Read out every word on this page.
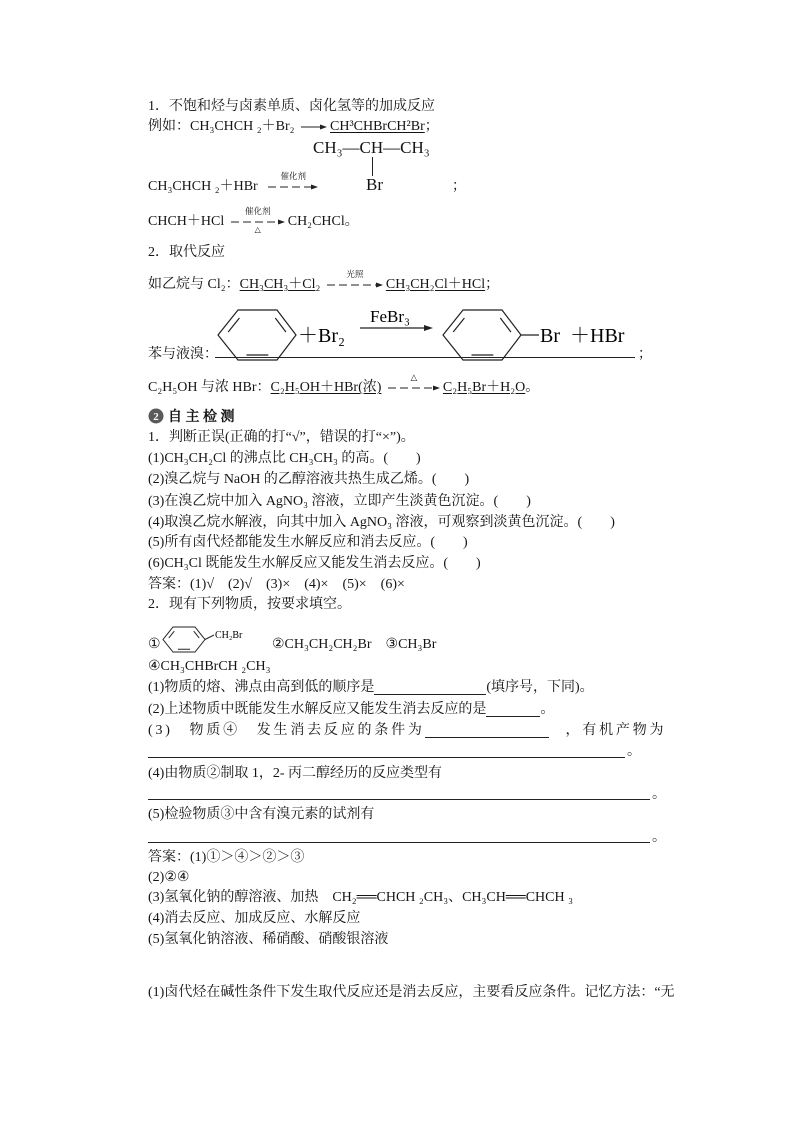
1．不饱和烃与卤素单质、卤化氢等的加成反应
例如：CH₃CHCH ₂＋Br₂ → CH³CHBrCH²Br；
CH₃—CH—CH₃
Br
CH₃CHCH ₂＋HBr
催化剂
；
CHCH＋HCl
催化剂
△
CH₂CHCl。
2．取代反应
如乙烷与 Cl₂：CH₃CH₃＋Cl₂
光照
CH₃CH₂Cl＋HCl；
＋Br₂
FeBr₃
Br ＋HBr
苯与液溴：	；
C₂H₅OH 与浓 HBr：C₂H₅OH＋HBr(浓)
△
C₂H₅Br＋H₂O。
2 自 主 检 测
1．判断正误(正确的打“√”，错误的打“×”)。
(1)CH₃CH₂Cl 的沸点比 CH₃CH₃ 的高。(　　)
(2)溴乙烷与 NaOH 的乙醇溶液共热生成乙烯。(　　)
(3)在溴乙烷中加入 AgNO₃ 溶液，立即产生淡黄色沉淀。(　　)
(4)取溴乙烷水解液，向其中加入 AgNO₃ 溶液，可观察到淡黄色沉淀。(　　)
(5)所有卤代烃都能发生水解反应和消去反应。(　　)
(6)CH₃Cl 既能发生水解反应又能发生消去反应。(　　)
答案：(1)√　(2)√　(3)×　(4)×　(5)×　(6)×
2．现有下列物质，按要求填空。
①
CH₂Br
②CH₃CH₂CH₂Br　③CH₃Br
④CH₃CHBrCH ₂CH₃
(1)物质的熔、沸点由高到低的顺序是	(填序号，下同)。
(2)上述物质中既能发生水解反应又能发生消去反应的是	。
(3)　物质④　发生消去反应的条件为	　，有机产物为
。
(4)由物质②制取 1，2- 丙二醇经历的反应类型有
。
(5)检验物质③中含有溴元素的试剂有
。
答案：(1)①＞④＞②＞③
(2)②④
(3)氢氧化钠的醇溶液、加热　CH₂══CHCH ₂CH₃、CH₃CH══CHCH ₃
(4)消去反应、加成反应、水解反应
(5)氢氧化钠溶液、稀硝酸、硝酸银溶液
(1)卤代烃在碱性条件下发生取代反应还是消去反应，主要看反应条件。记忆方法：“无
